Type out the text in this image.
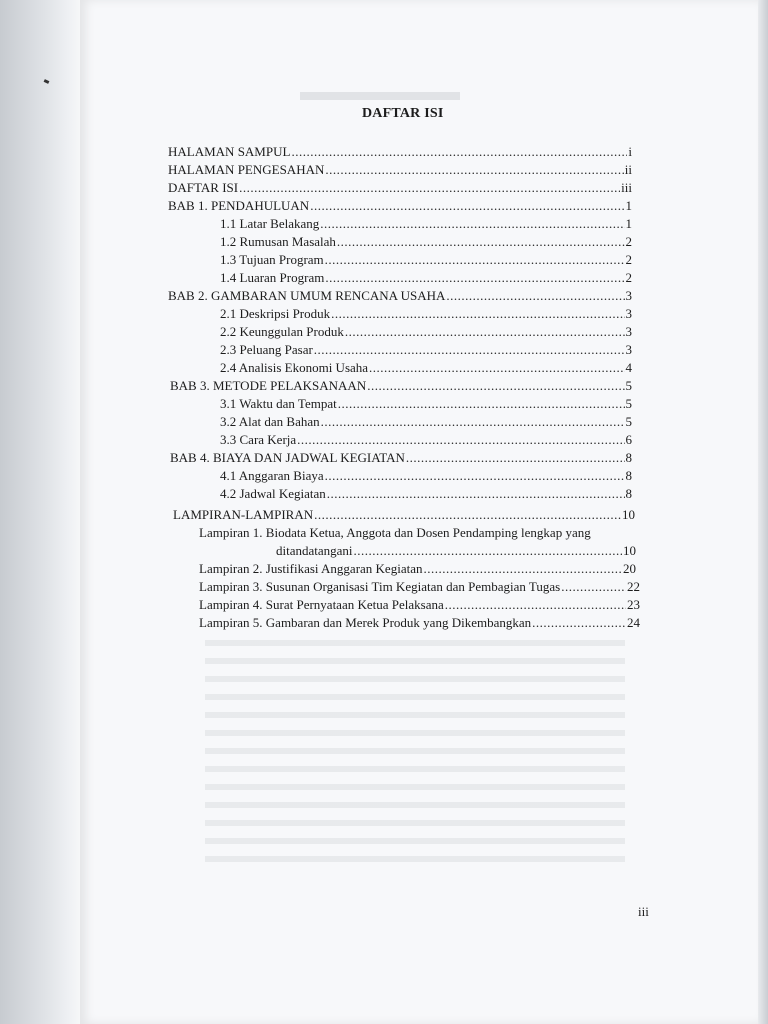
DAFTAR ISI
HALAMAN SAMPUL .....	i
HALAMAN PENGESAHAN .....	ii
DAFTAR ISI .....	iii
BAB 1. PENDAHULUAN .....	1
1.1 Latar Belakang .....	1
1.2 Rumusan Masalah .....	2
1.3 Tujuan Program .....	2
1.4 Luaran Program .....	2
BAB 2. GAMBARAN UMUM RENCANA USAHA .....	3
2.1 Deskripsi Produk .....	3
2.2 Keunggulan Produk .....	3
2.3 Peluang Pasar .....	3
2.4 Analisis Ekonomi Usaha .....	4
BAB 3. METODE PELAKSANAAN .....	5
3.1 Waktu dan Tempat .....	5
3.2 Alat dan Bahan .....	5
3.3 Cara Kerja .....	6
BAB 4. BIAYA DAN JADWAL KEGIATAN .....	8
4.1 Anggaran Biaya .....	8
4.2 Jadwal Kegiatan .....	8
LAMPIRAN-LAMPIRAN .....	10
Lampiran 1. Biodata Ketua, Anggota dan Dosen Pendamping lengkap yang
ditandatangani .....	10
Lampiran 2. Justifikasi Anggaran Kegiatan .....	20
Lampiran 3. Susunan Organisasi Tim Kegiatan dan Pembagian Tugas .....	22
Lampiran 4. Surat Pernyataan Ketua Pelaksana .....	23
Lampiran 5. Gambaran dan Merek Produk yang Dikembangkan .....	24
iii
